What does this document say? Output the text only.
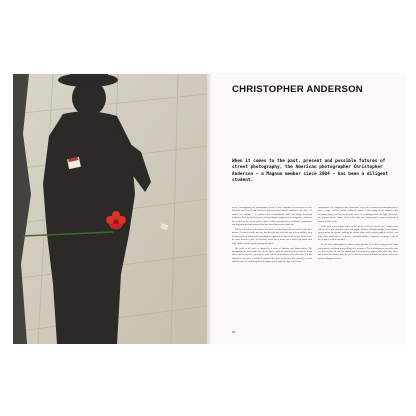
CHRISTOPHER ANDERSON
When it comes to the past, present and possible futures of street photography, the American photographer Christopher Anderson – a Magnum member since 2004 – has been a diligent student.

Before contemplating the photographic greats of such Magnum heavyweights as Josef Koudelka and Henri Cartier-Bresson, Anderson asked himself whether he was able – or should ever attempt – to emulate their compositional skills and highly developed aesthetics. Over the past few years, with prestigious assignments for magazines, Anderson has worked on the streets and the edges of cities, moving between editorial commissions and long-form personal projects that have taken him across continents.

The more I looked at the masters, the more I realized that I did not want to make their pictures. I wanted to make my own, and the only way to do that was to keep walking, keep looking and keep failing until something true appeared in front of the camera. In this sense the street became a place of rehearsal, where every frame was a small experiment with light, shadow and the people passing through it.

His work on the street is shaped by a sense of intimacy and improvisation. The photographs are often made close to the subject, with the camera held low and the frame filled with the textures of pavement, walls and the long shadows of the afternoon. It is this attention to the quiet, overlooked moments that gives his pictures their particular tension and their sense of something about to happen just beyond the edge of the frame.

composition. The cropping works consciously to get rid of extraneous information and to leave a single, resolved gesture within the picture. I am looking for the moment when everything aligns, and I am trying to be aware of everything at once, the light, the people, the gestures and the shapes, while at the same time letting myself respond intuitively to what is in front of me.

In his most recent images, taken on the streets of cities he knows well, Anderson has embraced the bold, saturated colour and graphic shadows of bright sunlight. Long shadows stretch across the ground, splitting the picture plane and becoming subjects in their own right, while small objects – a flower, a discarded packet, a fragment of signage – take on the weight of a whole narrative.

To me, street photography is about paying attention. It is about being present, about being patient, and about being willing to be surprised. The best pictures are often the ones you did not plan for, and the hardest part is learning to recognize them when they arrive and to trust the instinct that tells you to raise the camera and make the picture before the moment disappears forever.

96
